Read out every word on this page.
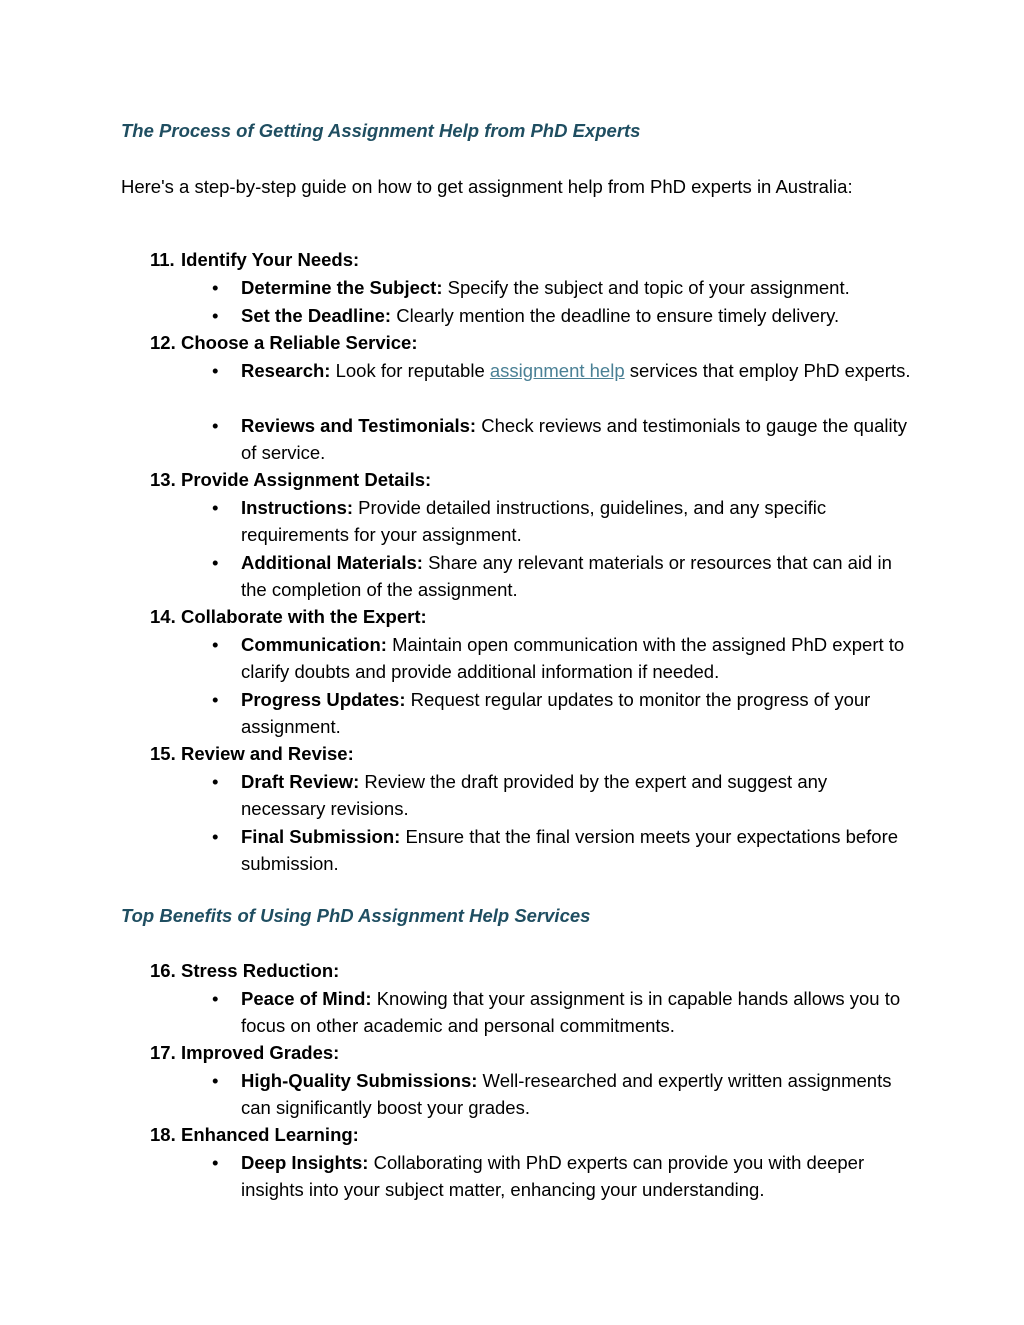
The Process of Getting Assignment Help from PhD Experts

Here's a step-by-step guide on how to get assignment help from PhD experts in Australia:

11. Identify Your Needs:
•	Determine the Subject: Specify the subject and topic of your assignment.
•	Set the Deadline: Clearly mention the deadline to ensure timely delivery.
12. Choose a Reliable Service:
•	Research: Look for reputable assignment help services that employ PhD experts.
•	Reviews and Testimonials: Check reviews and testimonials to gauge the quality of service.
13. Provide Assignment Details:
•	Instructions: Provide detailed instructions, guidelines, and any specific requirements for your assignment.
•	Additional Materials: Share any relevant materials or resources that can aid in the completion of the assignment.
14. Collaborate with the Expert:
•	Communication: Maintain open communication with the assigned PhD expert to clarify doubts and provide additional information if needed.
•	Progress Updates: Request regular updates to monitor the progress of your assignment.
15. Review and Revise:
•	Draft Review: Review the draft provided by the expert and suggest any necessary revisions.
•	Final Submission: Ensure that the final version meets your expectations before submission.
Top Benefits of Using PhD Assignment Help Services
16. Stress Reduction:
•	Peace of Mind: Knowing that your assignment is in capable hands allows you to focus on other academic and personal commitments.
17. Improved Grades:
•	High-Quality Submissions: Well-researched and expertly written assignments can significantly boost your grades.
18. Enhanced Learning:
•	Deep Insights: Collaborating with PhD experts can provide you with deeper insights into your subject matter, enhancing your understanding.
